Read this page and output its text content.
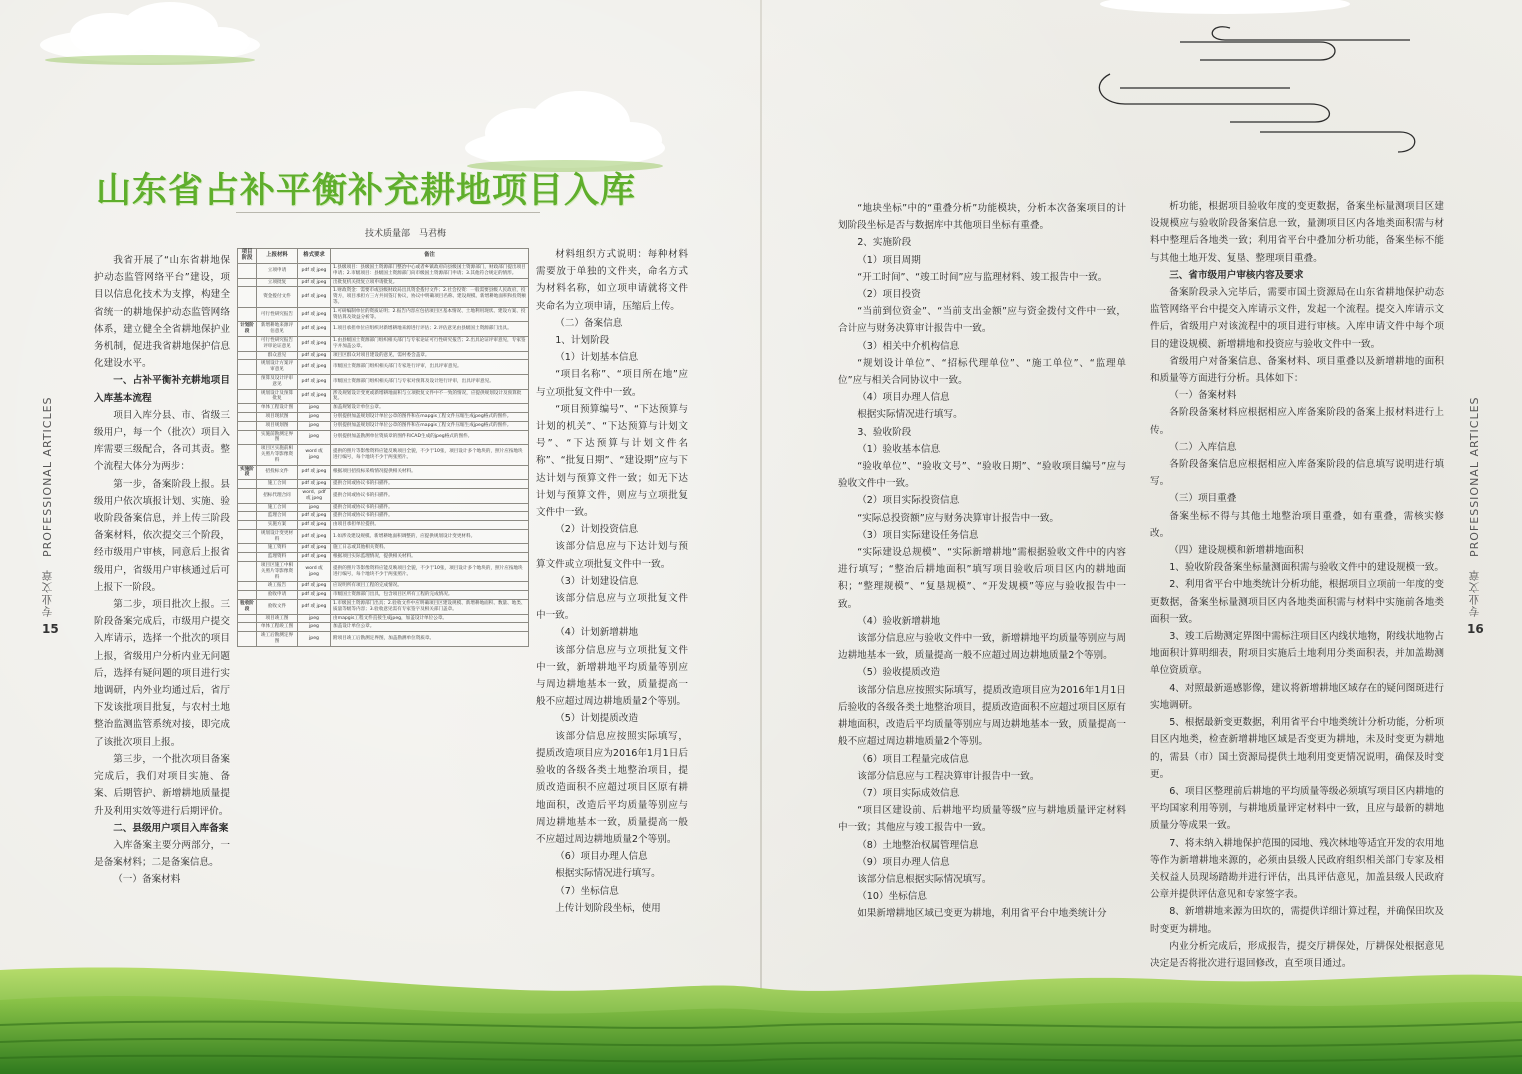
山东省占补平衡补充耕地项目入库
技术质量部　马君梅
专业文章　PROFESSIONAL ARTICLES
15
专业文章　PROFESSIONAL ARTICLES
16

我省开展了“山东省耕地保护动态监管网络平台”建设，项目以信息化技术为支撑，构建全省统一的耕地保护动态监管网络体系，建立健全全省耕地保护业务机制，促进我省耕地保护信息化建设水平。

一、占补平衡补充耕地项目入库基本流程

项目入库分县、市、省级三级用户，每一个（批次）项目入库需要三级配合，各司其责。整个流程大体分为两步：

第一步，备案阶段上报。县级用户依次填报计划、实施、验收阶段备案信息，并上传三阶段备案材料，依次提交三个阶段，经市级用户审核，同意后上报省级用户，省级用户审核通过后可上报下一阶段。

第二步，项目批次上报。三阶段备案完成后，市级用户提交入库请示，选择一个批次的项目上报，省级用户分析内业无问题后，选择有疑问题的项目进行实地调研，内外业均通过后，省厅下发该批项目批复，与农村土地整治监测监管系统对接，即完成了该批次项目上报。

第三步，一个批次项目备案完成后，我们对项目实施、备案、后期管护、新增耕地质量提升及利用实效等进行后期评价。

二、县级用户项目入库备案

入库备案主要分两部分，一是备案材料；二是备案信息。

（一）备案材料

项目阶段	上报材料	格式要求	备注
	立项申请	pdf 或 jpeg	1.县级项目：县级国土资源部门整治中心或者乡镇政府向县级国土资源部门，财政部门提出项目申请；2.市级项目：县级国土资源部门向市级国土资源部门申请；3.其他符合规定的情形。
	立项批复	pdf 或 jpeg	出批复机关批复立项申请批复。
	资金拨付文件	pdf 或 jpeg	1.财政资金：需要市或县级财政局出具资金拨付文件；2.社会投资：一般需要县级人民政府，投资方，项目承担方三方共同签订协议，协议中明确项目名称、建设规模、新增耕地面积和投资额等。
	可行性研究报告	pdf 或 jpeg	1.可研编制单位的资质证明；2.报告内容应包括项目区基本情况、土地利用现状、建设方案、投资估算及效益分析等。
计划阶段	新增耕地来源评估意见	pdf 或 jpeg	1.项目承担单位应组织对新增耕地来源进行评估；2.评估意见由县级国土资源部门出具。
	可行性研究报告评审论证意见	pdf 或 jpeg	1.由县级国土资源部门组织相关部门与专家论证可行性研究报告；2.出具论证评审意见，专家签字并加盖公章。
	群众意见	pdf 或 jpeg	项目区群众对项目建设的意见，需村委会盖章。
	规划设计方案评审意见	pdf 或 jpeg	市级国土资源部门组织相关部门专家进行评审，出具评审意见。
	预算及设计评审意见	pdf 或 jpeg	市级国土资源部门组织相关部门与专家对预算及设计进行评审，出具评审意见。
	规划设计及预算批复	pdf 或 jpeg	涉及规划设计变更或新增耕地面积与立项批复文件中不一致的情况，应提供规划设计及预算批复。
	单体工程设计图	jpeg	加盖规划设计单位公章。
	项目现状图	jpeg	分别提供加盖规划设计单位公章的图件和在mapgis工程文件压缩生成jpeg格式的图件。
	项目规划图	jpeg	分别提供加盖规划设计单位公章的图件和在mapgis工程文件压缩生成jpeg格式的图件。
	实施前勘测定界图	jpeg	分别提供加盖勘测单位资质章的图件和CAD生成的jpeg格式的图件。
	项目区实施前相关照片等影像资料	word 或 jpeg	提供的照片等影像资料应能反映项目全貌，不少于10张，项目设计多个地块的，照片应按地块进行编号，每个地块不少于两张照片。
实施阶段	招投标文件	pdf 或 jpeg	根据项目招投标采购情况提供相关材料。
	施工合同	pdf 或 jpeg	提供合同或协议书的扫描件。
	招标代理合同	word、pdf 或 jpeg	提供合同或协议书的扫描件。
	施工合同	jpeg	提供合同或协议书的扫描件。
	监理合同	pdf 或 jpeg	提供合同或协议书的扫描件。
	实施方案	pdf 或 jpeg	由项目承担单位提供。
	规划设计变更材料	pdf 或 jpeg	1.如涉及建设规模、新增耕地面积调整的，应提供规划设计变更材料。
	施工资料	pdf 或 jpeg	施工日志或其他相关资料。
	监理资料	pdf 或 jpeg	根据项目实际监理情况，提供相关材料。
	项目区施工中相关照片等影像资料	word 或 jpeg	提供的照片等影像资料应能反映项目全貌，不少于10张，项目设计多个地块的，照片应按地块进行编号，每个地块不少于两张照片。
	竣工报告	pdf 或 jpeg	应说明所有项目工程的完成情况。
	验收申请	pdf 或 jpeg	市级国土资源部门出具，包含项目区所有工程的完成情况。
验收阶段	验收文件	pdf 或 jpeg	1.市级国土资源部门出具；2.验收文件中应明确项目区建设规模、新增耕地面积、数量、地类、质量等级等内容；3.验收意见需有专家签字及相关部门盖章。
	项目竣工图	jpeg	由mapgis工程文件直接生成jpeg，加盖设计单位公章。
	单体工程竣工图	jpeg	加盖设计单位公章。
	竣工后勘测定界图	jpeg	附项目竣工后勘测定界图，加盖勘测单位资质章。

材料组织方式说明：每种材料需要放于单独的文件夹，命名方式为材料名称，如立项申请就将文件夹命名为立项申请，压缩后上传。

（二）备案信息

1、计划阶段

（1）计划基本信息

“项目名称”、“项目所在地”应与立项批复文件中一致。

“项目预算编号”、“下达预算与计划的机关”、“下达预算与计划文号”、“下达预算与计划文件名称”、“批复日期”、“建设期”应与下达计划与预算文件一致；如无下达计划与预算文件，则应与立项批复文件中一致。

（2）计划投资信息

该部分信息应与下达计划与预算文件或立项批复文件中一致。

（3）计划建设信息

该部分信息应与立项批复文件中一致。

（4）计划新增耕地

该部分信息应与立项批复文件中一致，新增耕地平均质量等别应与周边耕地基本一致，质量提高一般不应超过周边耕地质量2个等别。

（5）计划提质改造

该部分信息应按照实际填写，提质改造项目应为2016年1月1日后验收的各级各类土地整治项目，提质改造面积不应超过项目区原有耕地面积，改造后平均质量等别应与周边耕地基本一致，质量提高一般不应超过周边耕地质量2个等别。

（6）项目办理人信息

根据实际情况进行填写。

（7）坐标信息

上传计划阶段坐标，使用

“地块坐标”中的“重叠分析”功能模块，分析本次备案项目的计划阶段坐标是否与数据库中其他项目坐标有重叠。

2、实施阶段

（1）项目周期

“开工时间”、“竣工时间”应与监理材料、竣工报告中一致。

（2）项目投资

“当前到位资金”、“当前支出金额”应与资金拨付文件中一致，合计应与财务决算审计报告中一致。

（3）相关中介机构信息

“规划设计单位”、“招标代理单位”、“施工单位”、“监理单位”应与相关合同协议中一致。

（4）项目办理人信息

根据实际情况进行填写。

3、验收阶段

（1）验收基本信息

“验收单位”、“验收文号”、“验收日期”、“验收项目编号”应与验收文件中一致。

（2）项目实际投资信息

“实际总投资额”应与财务决算审计报告中一致。

（3）项目实际建设任务信息

“实际建设总规模”、“实际新增耕地”需根据验收文件中的内容进行填写；“整治后耕地面积”填写项目验收后项目区内的耕地面积；“整理规模”、“复垦规模”、“开发规模”等应与验收报告中一致。

（4）验收新增耕地

该部分信息应与验收文件中一致，新增耕地平均质量等别应与周边耕地基本一致，质量提高一般不应超过周边耕地质量2个等别。

（5）验收提质改造

该部分信息应按照实际填写，提质改造项目应为2016年1月1日后验收的各级各类土地整治项目，提质改造面积不应超过项目区原有耕地面积，改造后平均质量等别应与周边耕地基本一致，质量提高一般不应超过周边耕地质量2个等别。

（6）项目工程量完成信息

该部分信息应与工程决算审计报告中一致。

（7）项目实际成效信息

“项目区建设前、后耕地平均质量等级”应与耕地质量评定材料中一致；其他应与竣工报告中一致。

（8）土地整治权属管理信息

（9）项目办理人信息

该部分信息根据实际情况填写。

（10）坐标信息

如果新增耕地区域已变更为耕地，利用省平台中地类统计分

析功能，根据项目验收年度的变更数据，备案坐标量测项目区建设规模应与验收阶段备案信息一致，量测项目区内各地类面积需与材料中整理后各地类一致；利用省平台中叠加分析功能，备案坐标不能与其他土地开发、复垦、整理项目重叠。

三、省市级用户审核内容及要求

备案阶段录入完毕后，需要市国土资源局在山东省耕地保护动态监管网络平台中提交入库请示文件，发起一个流程。提交入库请示文件后，省级用户对该流程中的项目进行审核。入库申请文件中每个项目的建设规模、新增耕地和投资应与验收文件中一致。

省级用户对备案信息、备案材料、项目重叠以及新增耕地的面积和质量等方面进行分析。具体如下：

（一）备案材料

各阶段备案材料应根据相应入库备案阶段的备案上报材料进行上传。

（二）入库信息

各阶段备案信息应根据相应入库备案阶段的信息填写说明进行填写。

（三）项目重叠

备案坐标不得与其他土地整治项目重叠，如有重叠，需核实修改。

（四）建设规模和新增耕地面积

1、验收阶段备案坐标量测面积需与验收文件中的建设规模一致。

2、利用省平台中地类统计分析功能，根据项目立项前一年度的变更数据，备案坐标量测项目区内各地类面积需与材料中实施前各地类面积一致。

3、竣工后勘测定界图中需标注项目区内线状地物，附线状地物占地面积计算明细表，附项目实施后土地利用分类面积表，并加盖勘测单位资质章。

4、对照最新遥感影像，建议将新增耕地区域存在的疑问图斑进行实地调研。

5、根据最新变更数据，利用省平台中地类统计分析功能，分析项目区内地类，检查新增耕地区域是否变更为耕地，未及时变更为耕地的，需县（市）国土资源局提供土地利用变更情况说明，确保及时变更。

6、项目区整理前后耕地的平均质量等级必须填写项目区内耕地的平均国家利用等别，与耕地质量评定材料中一致，且应与最新的耕地质量分等成果一致。

7、将未纳入耕地保护范围的园地、残次林地等适宜开发的农用地等作为新增耕地来源的，必须由县级人民政府组织相关部门专家及相关权益人员现场踏勘并进行评估，出具评估意见，加盖县级人民政府公章并提供评估意见和专家签字表。

8、新增耕地来源为田坎的，需提供详细计算过程，并确保田坎及时变更为耕地。

内业分析完成后，形成报告，提交厅耕保处，厅耕保处根据意见决定是否将批次进行退回修改，直至项目通过。
